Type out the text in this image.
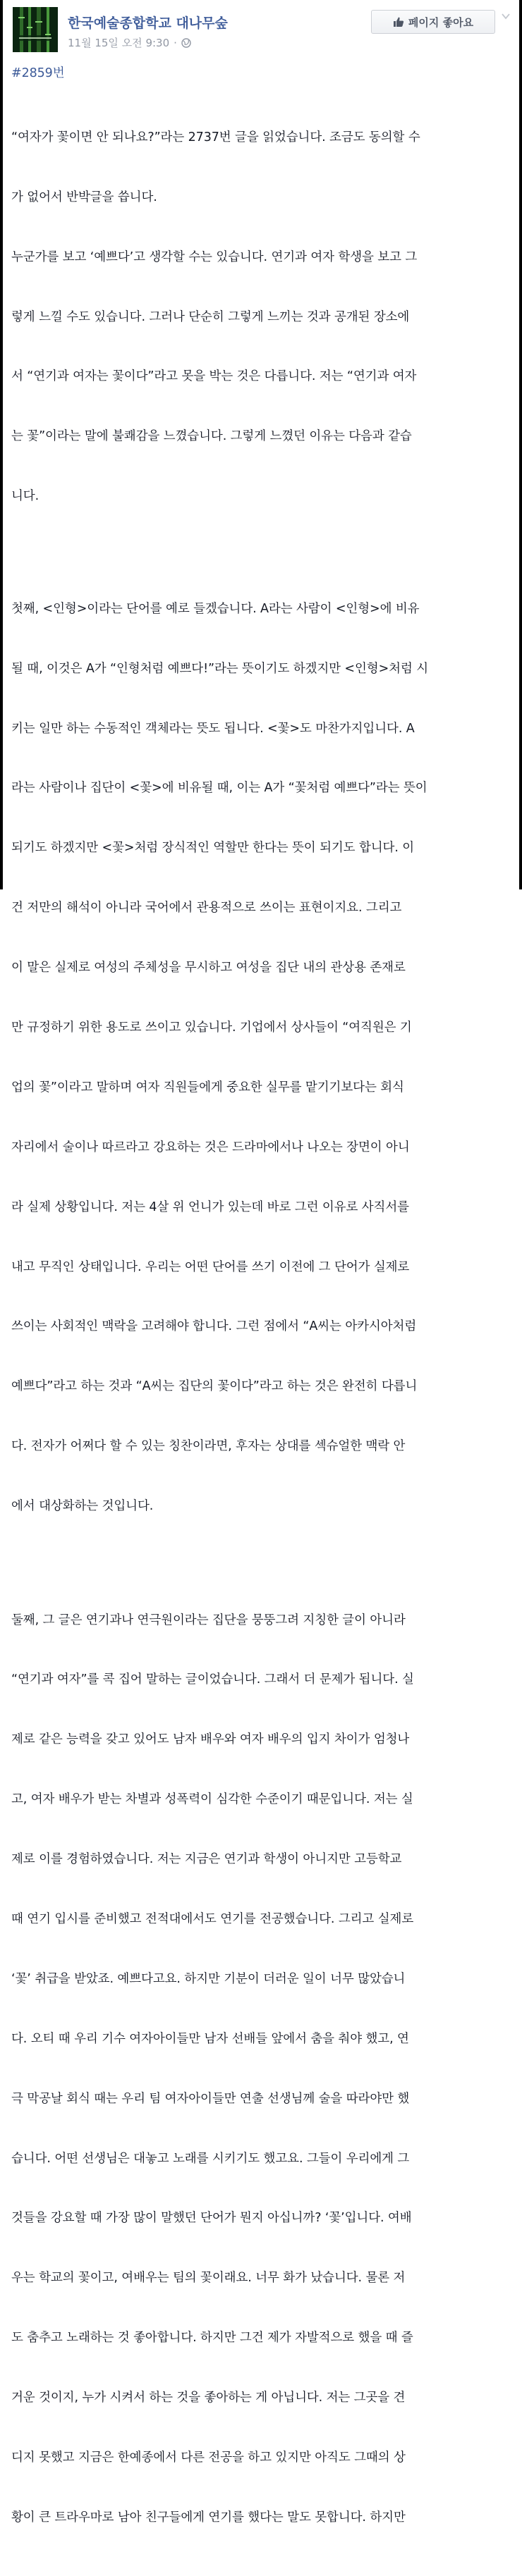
한국예술종합학교 대나무숲
11월 15일 오전 9:30 ·
페이지 좋아요
#2859번

“여자가 꽃이면 안 되나요?”라는 2737번 글을 읽었습니다. 조금도 동의할 수

가 없어서 반박글을 씁니다.

누군가를 보고 ‘예쁘다’고 생각할 수는 있습니다. 연기과 여자 학생을 보고 그

렇게 느낄 수도 있습니다. 그러나 단순히 그렇게 느끼는 것과 공개된 장소에

서 “연기과 여자는 꽃이다”라고 못을 박는 것은 다릅니다. 저는 “연기과 여자

는 꽃”이라는 말에 불쾌감을 느꼈습니다. 그렇게 느꼈던 이유는 다음과 같습

니다.

첫째, <인형>이라는 단어를 예로 들겠습니다. A라는 사람이 <인형>에 비유

될 때, 이것은 A가 “인형처럼 예쁘다!”라는 뜻이기도 하겠지만 <인형>처럼 시

키는 일만 하는 수동적인 객체라는 뜻도 됩니다. <꽃>도 마찬가지입니다. A

라는 사람이나 집단이 <꽃>에 비유될 때, 이는 A가 “꽃처럼 예쁘다”라는 뜻이

되기도 하겠지만 <꽃>처럼 장식적인 역할만 한다는 뜻이 되기도 합니다. 이

건 저만의 해석이 아니라 국어에서 관용적으로 쓰이는 표현이지요. 그리고

이 말은 실제로 여성의 주체성을 무시하고 여성을 집단 내의 관상용 존재로

만 규정하기 위한 용도로 쓰이고 있습니다. 기업에서 상사들이 “여직원은 기

업의 꽃”이라고 말하며 여자 직원들에게 중요한 실무를 맡기기보다는 회식

자리에서 술이나 따르라고 강요하는 것은 드라마에서나 나오는 장면이 아니

라 실제 상황입니다. 저는 4살 위 언니가 있는데 바로 그런 이유로 사직서를

내고 무직인 상태입니다. 우리는 어떤 단어를 쓰기 이전에 그 단어가 실제로

쓰이는 사회적인 맥락을 고려해야 합니다. 그런 점에서 “A씨는 아카시아처럼

예쁘다”라고 하는 것과 “A씨는 집단의 꽃이다”라고 하는 것은 완전히 다릅니

다. 전자가 어쩌다 할 수 있는 칭찬이라면, 후자는 상대를 섹슈얼한 맥락 안

에서 대상화하는 것입니다.

둘째, 그 글은 연기과나 연극원이라는 집단을 뭉뚱그려 지칭한 글이 아니라

“연기과 여자”를 콕 집어 말하는 글이었습니다. 그래서 더 문제가 됩니다. 실

제로 같은 능력을 갖고 있어도 남자 배우와 여자 배우의 입지 차이가 엄청나

고, 여자 배우가 받는 차별과 성폭력이 심각한 수준이기 때문입니다. 저는 실

제로 이를 경험하였습니다. 저는 지금은 연기과 학생이 아니지만 고등학교

때 연기 입시를 준비했고 전적대에서도 연기를 전공했습니다. 그리고 실제로

‘꽃’ 취급을 받았죠. 예쁘다고요. 하지만 기분이 더러운 일이 너무 많았습니

다. 오티 때 우리 기수 여자아이들만 남자 선배들 앞에서 춤을 춰야 했고, 연

극 막공날 회식 때는 우리 팀 여자아이들만 연출 선생님께 술을 따라야만 했

습니다. 어떤 선생님은 대놓고 노래를 시키기도 했고요. 그들이 우리에게 그

것들을 강요할 때 가장 많이 말했던 단어가 뭔지 아십니까? ‘꽃’입니다. 여배

우는 학교의 꽃이고, 여배우는 팀의 꽃이래요. 너무 화가 났습니다. 물론 저

도 춤추고 노래하는 것 좋아합니다. 하지만 그건 제가 자발적으로 했을 때 즐

거운 것이지, 누가 시켜서 하는 것을 좋아하는 게 아닙니다. 저는 그곳을 견

디지 못했고 지금은 한예종에서 다른 전공을 하고 있지만 아직도 그때의 상

황이 큰 트라우마로 남아 친구들에게 연기를 했다는 말도 못합니다. 하지만
